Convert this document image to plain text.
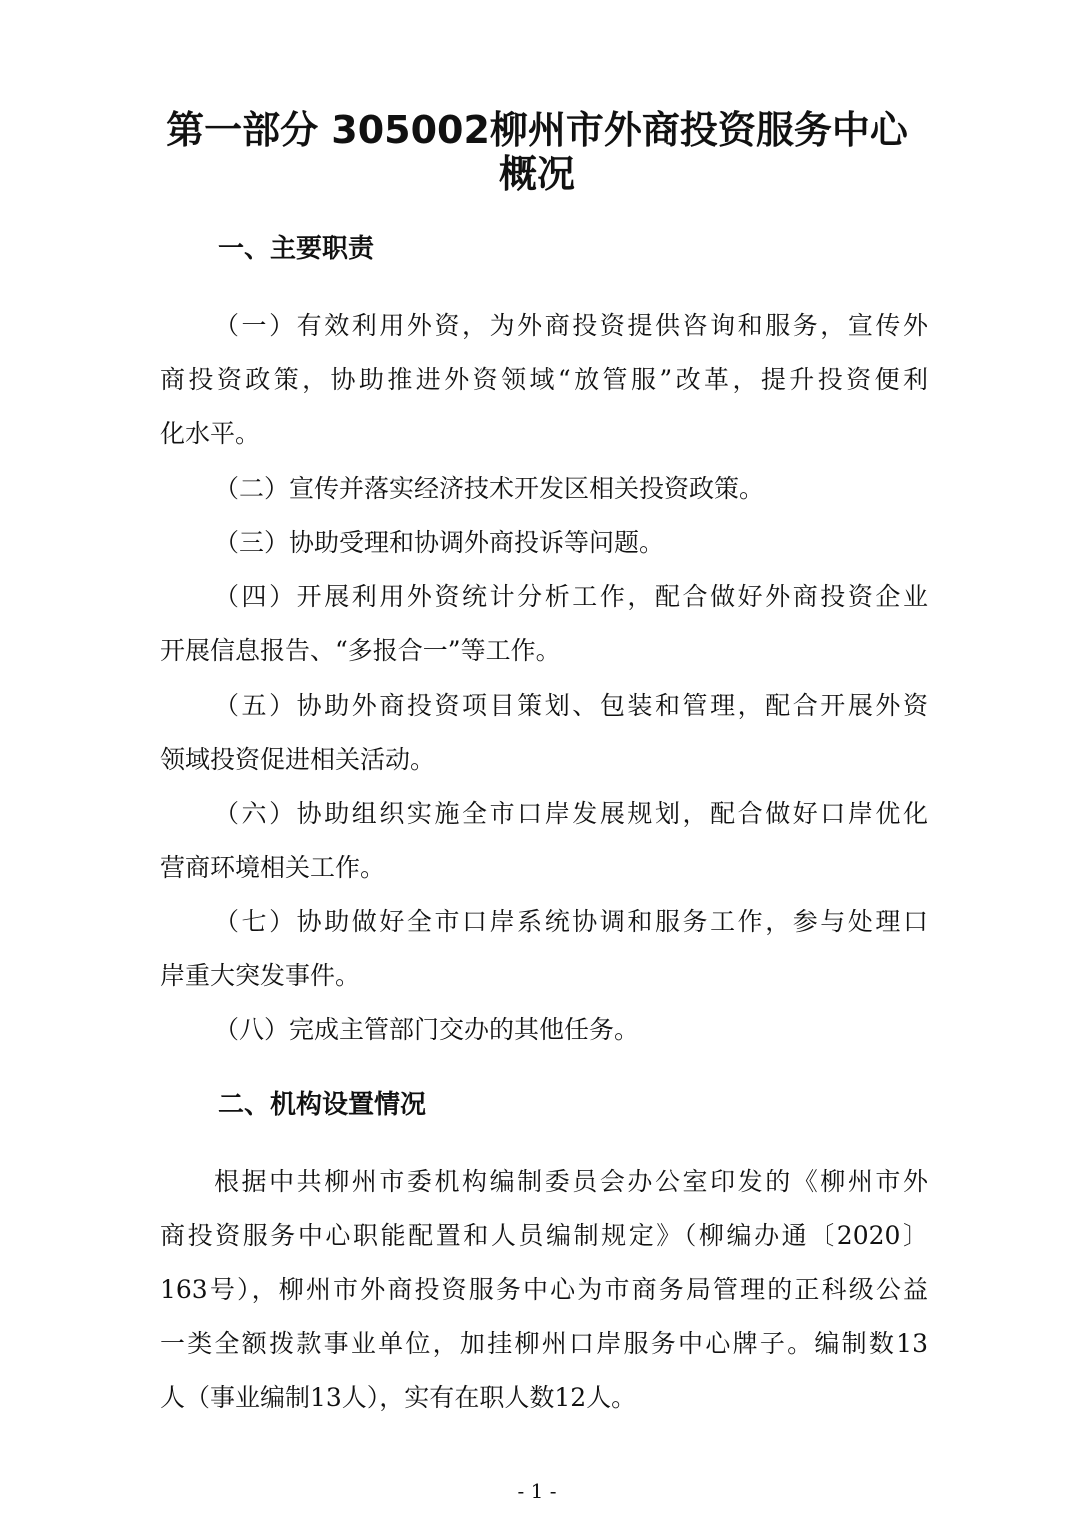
第一部分 305002柳州市外商投资服务中心
概况
一、主要职责

（一）有效利用外资，为外商投资提供咨询和服务，宣传外

商投资政策，协助推进外资领域“放管服”改革，提升投资便利

化水平。

（二）宣传并落实经济技术开发区相关投资政策。

（三）协助受理和协调外商投诉等问题。

（四）开展利用外资统计分析工作，配合做好外商投资企业

开展信息报告、“多报合一”等工作。

（五）协助外商投资项目策划、包装和管理，配合开展外资

领域投资促进相关活动。

（六）协助组织实施全市口岸发展规划，配合做好口岸优化

营商环境相关工作。

（七）协助做好全市口岸系统协调和服务工作，参与处理口

岸重大突发事件。

（八）完成主管部门交办的其他任务。

二、机构设置情况

根据中共柳州市委机构编制委员会办公室印发的《柳州市外

商投资服务中心职能配置和人员编制规定》（柳编办通〔2020〕

163号），柳州市外商投资服务中心为市商务局管理的正科级公益

一类全额拨款事业单位，加挂柳州口岸服务中心牌子。编制数13

人（事业编制13人），实有在职人数12人。

- 1 -
